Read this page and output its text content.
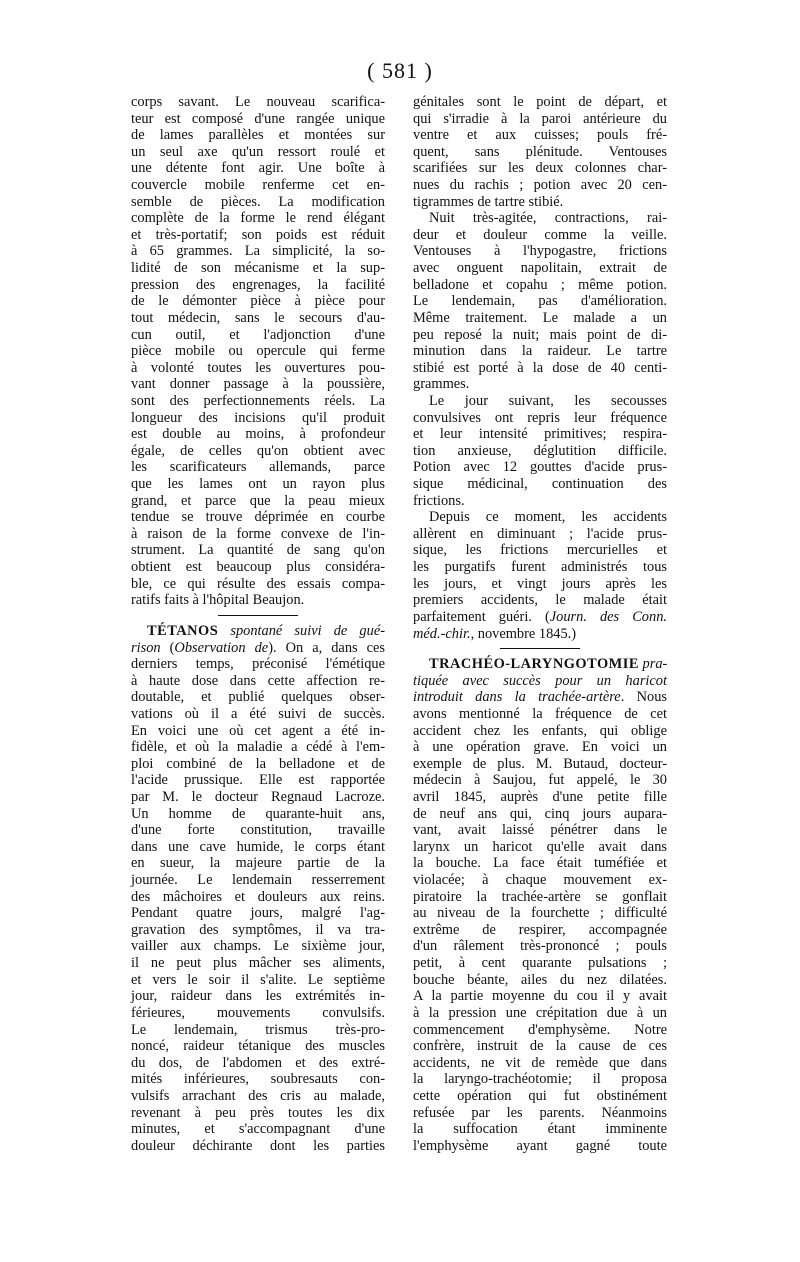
( 581 )
corps savant. Le nouveau scarifica-
teur est composé d'une rangée unique
de lames parallèles et montées sur
un seul axe qu'un ressort roulé et
une détente font agir. Une boîte à
couvercle mobile renferme cet en-
semble de pièces. La modification
complète de la forme le rend élégant
et très-portatif; son poids est réduit
à 65 grammes. La simplicité, la so-
lidité de son mécanisme et la sup-
pression des engrenages, la facilité
de le démonter pièce à pièce pour
tout médecin, sans le secours d'au-
cun outil, et l'adjonction d'une
pièce mobile ou opercule qui ferme
à volonté toutes les ouvertures pou-
vant donner passage à la poussière,
sont des perfectionnements réels. La
longueur des incisions qu'il produit
est double au moins, à profondeur
égale, de celles qu'on obtient avec
les scarificateurs allemands, parce
que les lames ont un rayon plus
grand, et parce que la peau mieux
tendue se trouve déprimée en courbe
à raison de la forme convexe de l'in-
strument. La quantité de sang qu'on
obtient est beaucoup plus considéra-
ble, ce qui résulte des essais compa-
ratifs faits à l'hôpital Beaujon.
TÉTANOS spontané suivi de gué-
rison (Observation de). On a, dans ces
derniers temps, préconisé l'émétique
à haute dose dans cette affection re-
doutable, et publié quelques obser-
vations où il a été suivi de succès.
En voici une où cet agent a été in-
fidèle, et où la maladie a cédé à l'em-
ploi combiné de la belladone et de
l'acide prussique. Elle est rapportée
par M. le docteur Regnaud Lacroze.
Un homme de quarante-huit ans,
d'une forte constitution, travaille
dans une cave humide, le corps étant
en sueur, la majeure partie de la
journée. Le lendemain resserrement
des mâchoires et douleurs aux reins.
Pendant quatre jours, malgré l'ag-
gravation des symptômes, il va tra-
vailler aux champs. Le sixième jour,
il ne peut plus mâcher ses aliments,
et vers le soir il s'alite. Le septième
jour, raideur dans les extrémités in-
férieures, mouvements convulsifs.
Le lendemain, trismus très-pro-
noncé, raideur tétanique des muscles
du dos, de l'abdomen et des extré-
mités inférieures, soubresauts con-
vulsifs arrachant des cris au malade,
revenant à peu près toutes les dix
minutes, et s'accompagnant d'une
douleur déchirante dont les parties
génitales sont le point de départ, et
qui s'irradie à la paroi antérieure du
ventre et aux cuisses; pouls fré-
quent, sans plénitude. Ventouses
scarifiées sur les deux colonnes char-
nues du rachis ; potion avec 20 cen-
tigrammes de tartre stibié.
Nuit très-agitée, contractions, rai-
deur et douleur comme la veille.
Ventouses à l'hypogastre, frictions
avec onguent napolitain, extrait de
belladone et copahu ; même potion.
Le lendemain, pas d'amélioration.
Même traitement. Le malade a un
peu reposé la nuit; mais point de di-
minution dans la raideur. Le tartre
stibié est porté à la dose de 40 centi-
grammes.
Le jour suivant, les secousses
convulsives ont repris leur fréquence
et leur intensité primitives; respira-
tion anxieuse, déglutition difficile.
Potion avec 12 gouttes d'acide prus-
sique médicinal, continuation des
frictions.
Depuis ce moment, les accidents
allèrent en diminuant ; l'acide prus-
sique, les frictions mercurielles et
les purgatifs furent administrés tous
les jours, et vingt jours après les
premiers accidents, le malade était
parfaitement guéri. (Journ. des Conn.
méd.-chir., novembre 1845.)
TRACHÉO-LARYNGOTOMIE pra-
tiquée avec succès pour un haricot
introduit dans la trachée-artère. Nous
avons mentionné la fréquence de cet
accident chez les enfants, qui oblige
à une opération grave. En voici un
exemple de plus. M. Butaud, docteur-
médecin à Saujou, fut appelé, le 30
avril 1845, auprès d'une petite fille
de neuf ans qui, cinq jours aupara-
vant, avait laissé pénétrer dans le
larynx un haricot qu'elle avait dans
la bouche. La face était tuméfiée et
violacée; à chaque mouvement ex-
piratoire la trachée-artère se gonflait
au niveau de la fourchette ; difficulté
extrême de respirer, accompagnée
d'un râlement très-prononcé ; pouls
petit, à cent quarante pulsations ;
bouche béante, ailes du nez dilatées.
A la partie moyenne du cou il y avait
à la pression une crépitation due à un
commencement d'emphysème. Notre
confrère, instruit de la cause de ces
accidents, ne vit de remède que dans
la laryngo-trachéotomie; il proposa
cette opération qui fut obstinément
refusée par les parents. Néanmoins
la suffocation étant imminente
l'emphysème ayant gagné toute
